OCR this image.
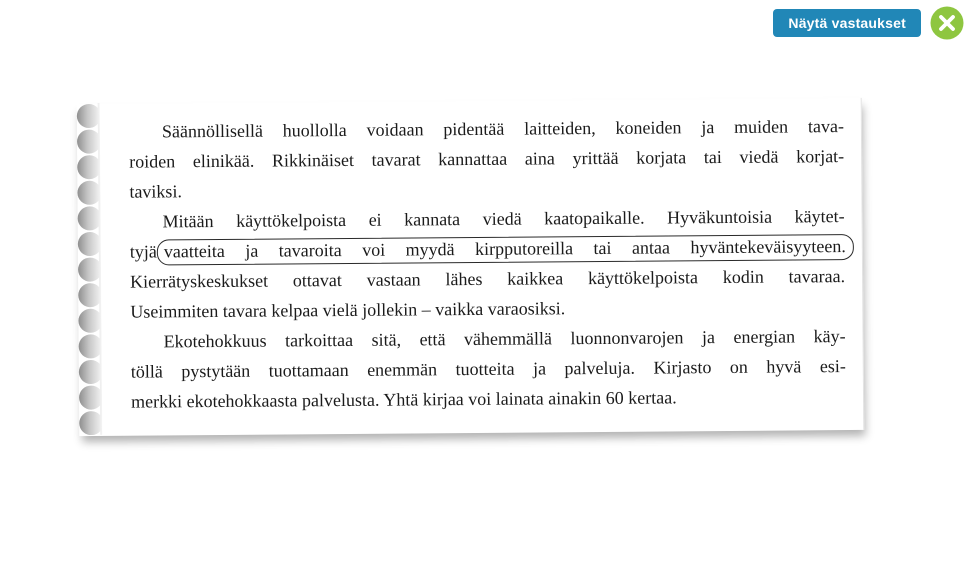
Näytä vastaukset
Säännöllisellä huollolla voidaan pidentää laitteiden, koneiden ja muiden tava-
roiden elinikää. Rikkinäiset tavarat kannattaa aina yrittää korjata tai viedä korjat-
taviksi.
Mitään käyttökelpoista ei kannata viedä kaatopaikalle. Hyväkuntoisia käytet-
tyjä vaatteita ja tavaroita voi myydä kirpputoreilla tai antaa hyväntekeväisyyteen.
Kierrätyskeskukset ottavat vastaan lähes kaikkea käyttökelpoista kodin tavaraa.
Useimmiten tavara kelpaa vielä jollekin – vaikka varaosiksi.
Ekotehokkuus tarkoittaa sitä, että vähemmällä luonnonvarojen ja energian käy-
töllä pystytään tuottamaan enemmän tuotteita ja palveluja. Kirjasto on hyvä esi-
merkki ekotehokkaasta palvelusta. Yhtä kirjaa voi lainata ainakin 60 kertaa.
